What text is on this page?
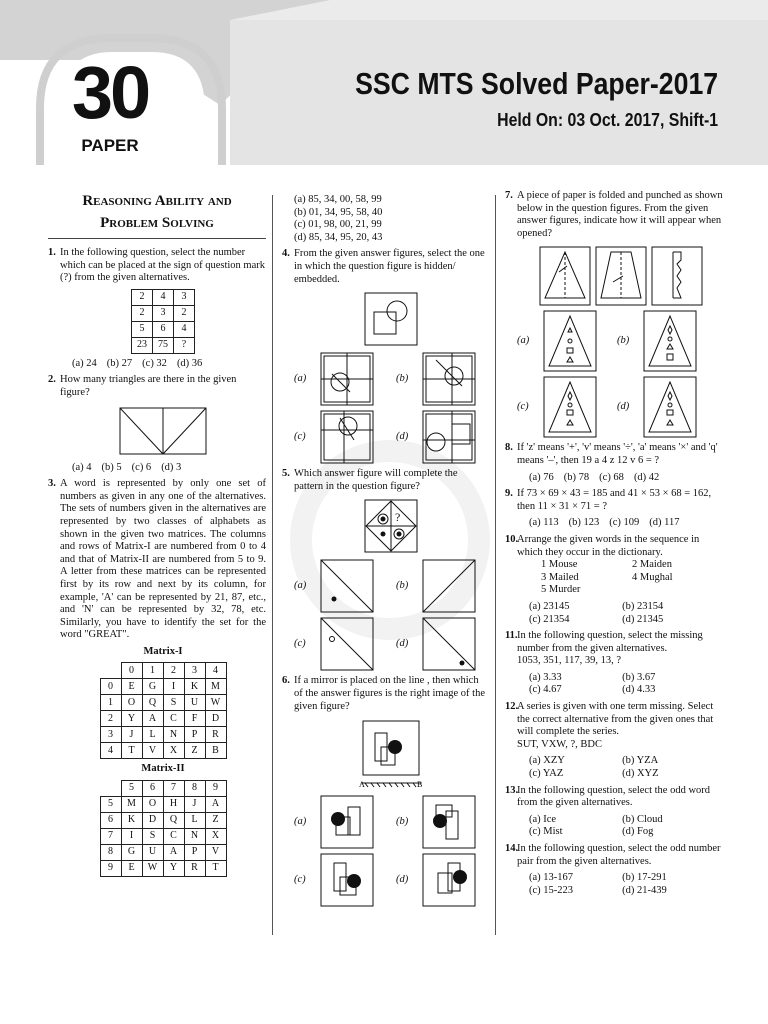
30
PAPER
SSC MTS Solved Paper-2017
Held On: 03 Oct. 2017, Shift-1
Reasoning Ability and
Problem Solving
1. In the following question, select the number which can be placed at the sign of question mark (?) from the given alternatives.
2	4	3
2	3	2
5	6	4
23	75	?
(a) 24 (b) 27 (c) 32 (d) 36
2. How many triangles are there in the given figure?
(a) 4 (b) 5 (c) 6 (d) 3
3. A word is represented by only one set of numbers as given in any one of the alternatives. The sets of numbers given in the alternatives are represented by two classes of alphabets as shown in the given two matrices. The columns and rows of Matrix-I are numbered from 0 to 4 and that of Matrix-II are numbered from 5 to 9. A letter from these matrices can be represented first by its row and next by its column, for example, 'A' can be represented by 21, 87, etc., and 'N' can be represented by 32, 78, etc. Similarly, you have to identify the set for the word "GREAT".
Matrix-I
	0	1	2	3	4
0	E	G	I	K	M
1	O	Q	S	U	W
2	Y	A	C	F	D
3	J	L	N	P	R
4	T	V	X	Z	B
Matrix-II
	5	6	7	8	9
5	M	O	H	J	A
6	K	D	Q	L	Z
7	I	S	C	N	X
8	G	U	A	P	V
9	E	W	Y	R	T
(a) 85, 34, 00, 58, 99
(b) 01, 34, 95, 58, 40
(c) 01, 98, 00, 21, 99
(d) 85, 34, 95, 20, 43
4. From the given answer figures, select the one in which the question figure is hidden/ embedded.
(a)	(b)
(c)	(d)
5. Which answer figure will complete the pattern in the question figure?
?
(a)	(b)
(c)	(d)
6. If a mirror is placed on the line , then which of the answer figures is the right image of the given figure?
A	B
(a)	(b)
(c)	(d)
7. A piece of paper is folded and punched as shown below in the question figures. From the given answer figures, indicate how it will appear when opened?
(a)	(b)
(c)	(d)
8. If 'z' means '+', 'v' means '÷', 'a' means '×' and 'q' means '–', then 19 a 4 z 12 v 6 = ?
(a) 76 (b) 78 (c) 68 (d) 42
9. If 73 × 69 × 43 = 185 and 41 × 53 × 68 = 162, then 11 × 31 × 71 = ?
(a) 113 (b) 123 (c) 109 (d) 117
10.
Arrange the given words in the sequence in which they occur in the dictionary.
1 Mouse	2 Maiden
3 Mailed	4 Mughal
5 Murder
(a) 23145	(b) 23154
(c) 21354	(d) 21345
11. In the following question, select the missing number from the given alternatives.
1053, 351, 117, 39, 13, ?
(a) 3.33	(b) 3.67
(c) 4.67	(d) 4.33
12.
A series is given with one term missing. Select the correct alternative from the given ones that will complete the series.
SUT, VXW, ?, BDC
(a) XZY	(b) YZA
(c) YAZ	(d) XYZ
13.
In the following question, select the odd word from the given alternatives.
(a) Ice	(b) Cloud
(c) Mist	(d) Fog
14.
In the following question, select the odd number pair from the given alternatives.
(a) 13-167	(b) 17-291
(c) 15-223	(d) 21-439
